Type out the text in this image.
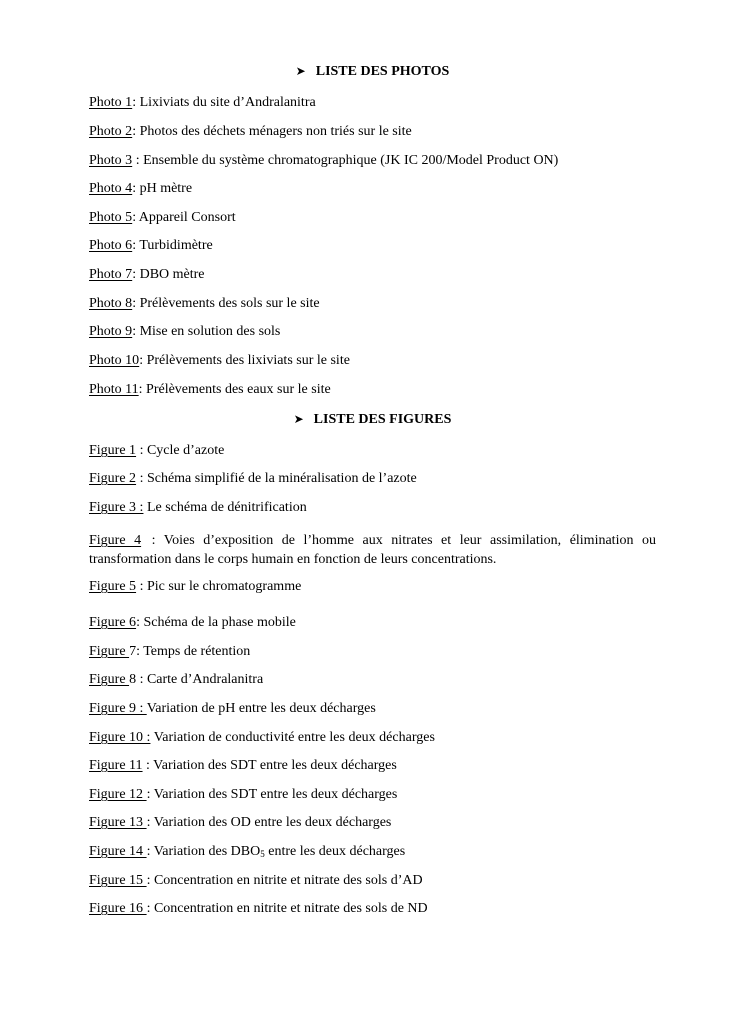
➤ LISTE DES PHOTOS
Photo 1: Lixiviats du site d’Andralanitra
Photo 2: Photos des déchets ménagers non triés sur le site
Photo 3 : Ensemble du système chromatographique (JK IC 200/Model Product ON)
Photo 4: pH mètre
Photo 5: Appareil Consort
Photo 6: Turbidimètre
Photo 7: DBO mètre
Photo 8: Prélèvements des sols sur le site
Photo 9: Mise en solution des sols
Photo 10: Prélèvements des lixiviats sur le site
Photo 11: Prélèvements des eaux sur le site
➤ LISTE DES FIGURES
Figure 1 : Cycle d’azote
Figure 2 : Schéma simplifié de la minéralisation de l’azote
Figure 3 : Le schéma de dénitrification
Figure 4 : Voies d’exposition de l’homme aux nitrates et leur assimilation, élimination ou transformation dans le corps humain en fonction de leurs concentrations.
Figure 5 : Pic sur le chromatogramme
Figure 6: Schéma de la phase mobile
Figure 7: Temps de rétention
Figure 8 : Carte d’Andralanitra
Figure 9 : Variation de pH entre les deux décharges
Figure 10 : Variation de conductivité entre les deux décharges
Figure 11 : Variation des SDT entre les deux décharges
Figure 12 : Variation des SDT entre les deux décharges
Figure 13 : Variation des OD entre les deux décharges
Figure 14 : Variation des $DBO_5$ entre les deux décharges
Figure 15 : Concentration en nitrite et nitrate des sols d’AD
Figure 16 : Concentration en nitrite et nitrate des sols de ND
